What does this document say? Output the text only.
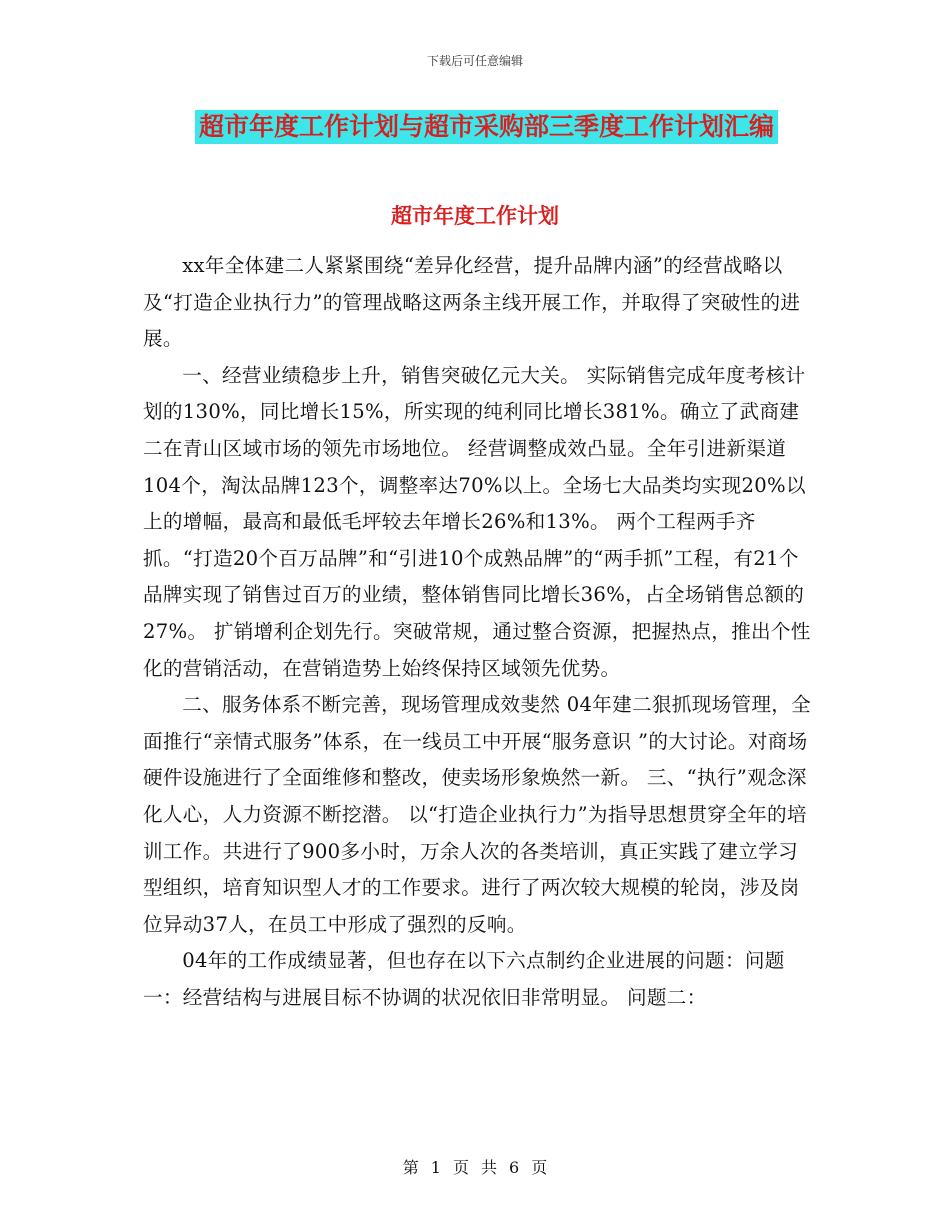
下载后可任意编辑
超市年度工作计划与超市采购部三季度工作计划汇编
超市年度工作计划

xx年全体建二人紧紧围绕“差异化经营，提升品牌内涵”的经营战略以及“打造企业执行力”的管理战略这两条主线开展工作，并取得了突破性的进展。

一、经营业绩稳步上升，销售突破亿元大关。 实际销售完成年度考核计划的130%，同比增长15%，所实现的纯利同比增长381%。确立了武商建二在青山区域市场的领先市场地位。 经营调整成效凸显。全年引进新渠道104个，淘汰品牌123个，调整率达70%以上。全场七大品类均实现20%以上的增幅，最高和最低毛坪较去年增长26%和13%。 两个工程两手齐抓。“打造20个百万品牌”和“引进10个成熟品牌”的“两手抓”工程，有21个品牌实现了销售过百万的业绩，整体销售同比增长36%，占全场销售总额的27%。 扩销增利企划先行。突破常规，通过整合资源，把握热点，推出个性化的营销活动，在营销造势上始终保持区域领先优势。

二、服务体系不断完善，现场管理成效斐然 04年建二狠抓现场管理，全面推行“亲情式服务”体系，在一线员工中开展“服务意识 ”的大讨论。对商场硬件设施进行了全面维修和整改，使卖场形象焕然一新。 三、“执行”观念深化人心，人力资源不断挖潜。 以“打造企业执行力”为指导思想贯穿全年的培训工作。共进行了900多小时，万余人次的各类培训，真正实践了建立学习型组织，培育知识型人才的工作要求。进行了两次较大规模的轮岗，涉及岗位异动37人，在员工中形成了强烈的反响。

04年的工作成绩显著，但也存在以下六点制约企业进展的问题：问题一：经营结构与进展目标不协调的状况依旧非常明显。 问题二：

第 1 页 共 6 页
